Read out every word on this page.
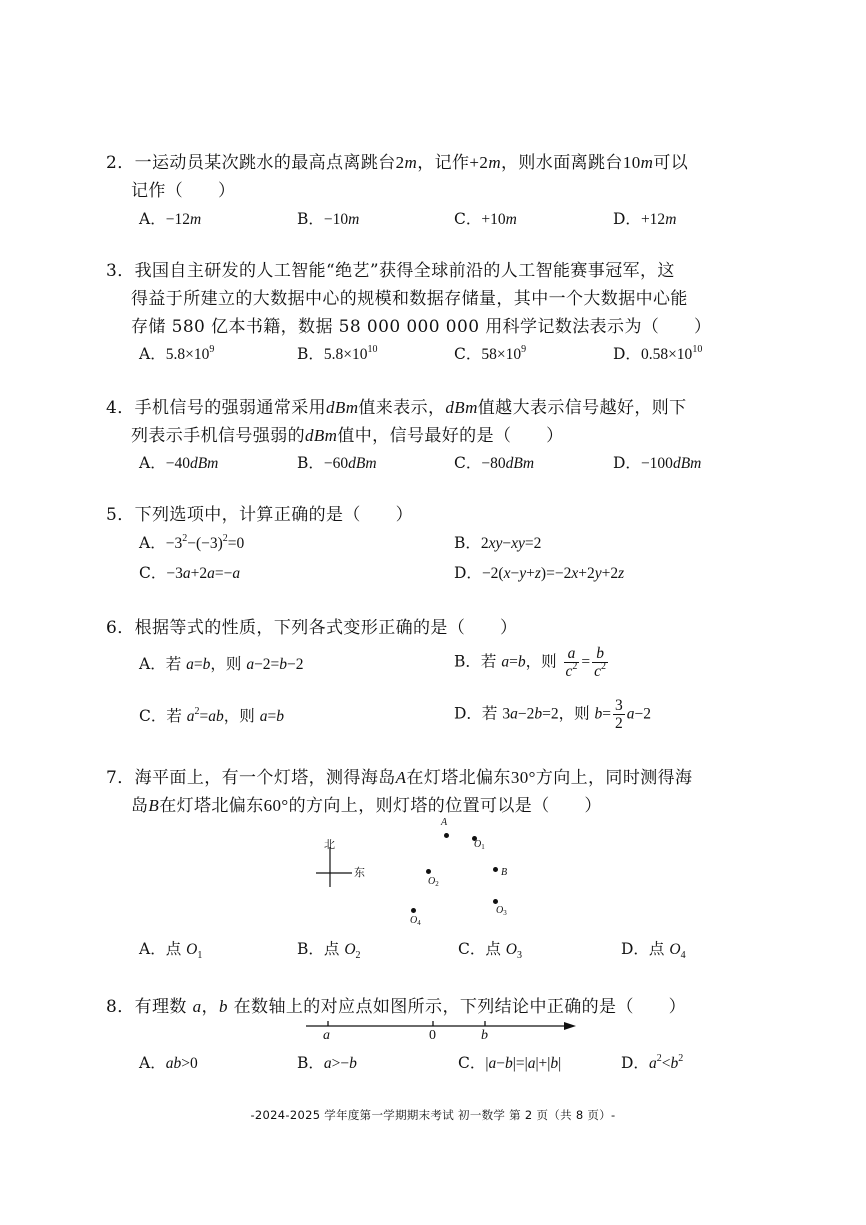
2．一运动员某次跳水的最高点离跳台2m，记作+2m，则水面离跳台10m可以
记作（　　）
A．−12m	B．−10m	C．+10m	D．+12m
3．我国自主研发的人工智能“绝艺”获得全球前沿的人工智能赛事冠军，这
得益于所建立的大数据中心的规模和数据存储量，其中一个大数据中心能
存储 580 亿本书籍，数据 58 000 000 000 用科学记数法表示为（　　）
A．$5.8\times 10^9$	B．$5.8\times 10^{10}$	C．$58\times 10^9$	D．$0.58\times 10^{10}$
4．手机信号的强弱通常采用dBm值来表示，dBm值越大表示信号越好，则下
列表示手机信号强弱的dBm值中，信号最好的是（　　）
A．−40dBm	B．−60dBm	C．−80dBm	D．−100dBm
5．下列选项中，计算正确的是（　　）
A．$-3^2-(-3)^2=0$	B．2xy−xy=2
C．−3a+2a=−a	D．−2(x−y+z)=−2x+2y+2z
6．根据等式的性质，下列各式变形正确的是（　　）
A．若 a=b，则 a−2=b−2	B．若 a=b，则 $\frac{a}{c^2} = \frac{b}{c^2}$
C．若 $a^2=ab$，则 a=b	D．若 3a−2b=2，则 $b= \frac{3}{2} a-2$
7．海平面上，有一个灯塔，测得海岛A在灯塔北偏东30°方向上，同时测得海
岛B在灯塔北偏东60°的方向上，则灯塔的位置可以是（　　）
北
东
A
$O_1$
$O_2$
B
$O_3$
$O_4$
A．点 $O_1$	B．点 $O_2$	C．点 $O_3$	D．点 $O_4$
8．有理数 a，b 在数轴上的对应点如图所示，下列结论中正确的是（　　）
a	0	b
A．ab>0	B．a>−b	C．|a−b|=|a|+|b|	D．$a^2<b^2$
-2024-2025 学年度第一学期期末考试 初一数学 第 2 页（共 8 页）-
